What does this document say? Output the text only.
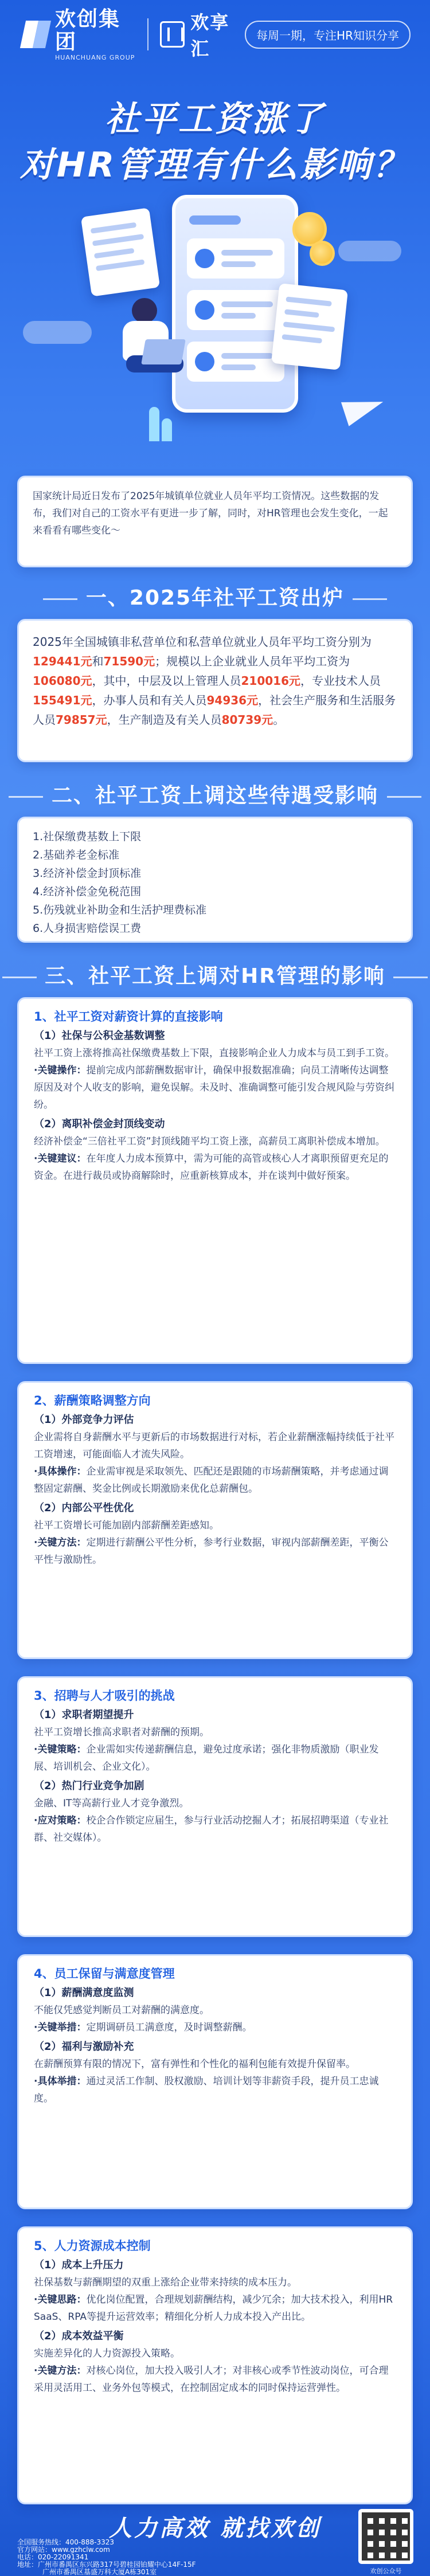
欢创集团
HUANCHUANG GROUP
欢享汇
每周一期，专注HR知识分享
社平工资涨了
对HR管理有什么影响？
国家统计局近日发布了2025年城镇单位就业人员年平均工资情况。这些数据的发布，我们对自己的工资水平有更进一步了解，同时，对HR管理也会发生变化，一起来看看有哪些变化～
一、2025年社平工资出炉
2025年全国城镇非私营单位和私营单位就业人员年平均工资分别为129441元和71590元；规模以上企业就业人员年平均工资为106080元，其中，中层及以上管理人员210016元，专业技术人员155491元，办事人员和有关人员94936元，社会生产服务和生活服务人员79857元，生产制造及有关人员80739元。
二、社平工资上调这些待遇受影响
1.社保缴费基数上下限
2.基础养老金标准
3.经济补偿金封顶标准
4.经济补偿金免税范围
5.伤残就业补助金和生活护理费标准
6.人身损害赔偿误工费
三、社平工资上调对HR管理的影响
1、社平工资对薪资计算的直接影响
（1）社保与公积金基数调整
社平工资上涨将推高社保缴费基数上下限，直接影响企业人力成本与员工到手工资。
·关键操作：提前完成内部薪酬数据审计，确保申报数据准确；向员工清晰传达调整原因及对个人收支的影响，避免误解。未及时、准确调整可能引发合规风险与劳资纠纷。
（2）离职补偿金封顶线变动
经济补偿金“三倍社平工资”封顶线随平均工资上涨，高薪员工离职补偿成本增加。
·关键建议：在年度人力成本预算中，需为可能的高管或核心人才离职预留更充足的资金。在进行裁员或协商解除时，应重新核算成本，并在谈判中做好预案。
2、薪酬策略调整方向
（1）外部竞争力评估
企业需将自身薪酬水平与更新后的市场数据进行对标，若企业薪酬涨幅持续低于社平工资增速，可能面临人才流失风险。
·具体操作：企业需审视是采取领先、匹配还是跟随的市场薪酬策略，并考虑通过调整固定薪酬、奖金比例或长期激励来优化总薪酬包。
（2）内部公平性优化
社平工资增长可能加剧内部薪酬差距感知。
·关键方法：定期进行薪酬公平性分析，参考行业数据，审视内部薪酬差距，平衡公平性与激励性。
3、招聘与人才吸引的挑战
（1）求职者期望提升
社平工资增长推高求职者对薪酬的预期。
·关键策略：企业需如实传递薪酬信息，避免过度承诺；强化非物质激励（职业发展、培训机会、企业文化）。
（2）热门行业竞争加剧
金融、IT等高薪行业人才竞争激烈。
·应对策略：校企合作锁定应届生，参与行业活动挖掘人才；拓展招聘渠道（专业社群、社交媒体）。
4、员工保留与满意度管理
（1）薪酬满意度监测
不能仅凭感觉判断员工对薪酬的满意度。
·关键举措：定期调研员工满意度，及时调整薪酬。
（2）福利与激励补充
在薪酬预算有限的情况下，富有弹性和个性化的福利包能有效提升保留率。
·具体举措：通过灵活工作制、股权激励、培训计划等非薪资手段，提升员工忠诚度。
5、人力资源成本控制
（1）成本上升压力
社保基数与薪酬期望的双重上涨给企业带来持续的成本压力。
·关键思路：优化岗位配置，合理规划薪酬结构，减少冗余；加大技术投入，利用HR SaaS、RPA等提升运营效率；精细化分析人力成本投入产出比。
（2）成本效益平衡
实施差异化的人力资源投入策略。
·关键方法：对核心岗位，加大投入吸引人才；对非核心或季节性波动岗位，可合理采用灵活用工、业务外包等模式，在控制固定成本的同时保持运营弹性。
人力高效 就找欢创
全国服务热线：400-888-3323
官方网站：www.gzhclw.com
电话：020-22091341
地址：广州市番禺区东兴路317号碧桂园铂耀中心14F-15F
广州市番禺区基盛万科大厦A栋301室	欢创公众号
